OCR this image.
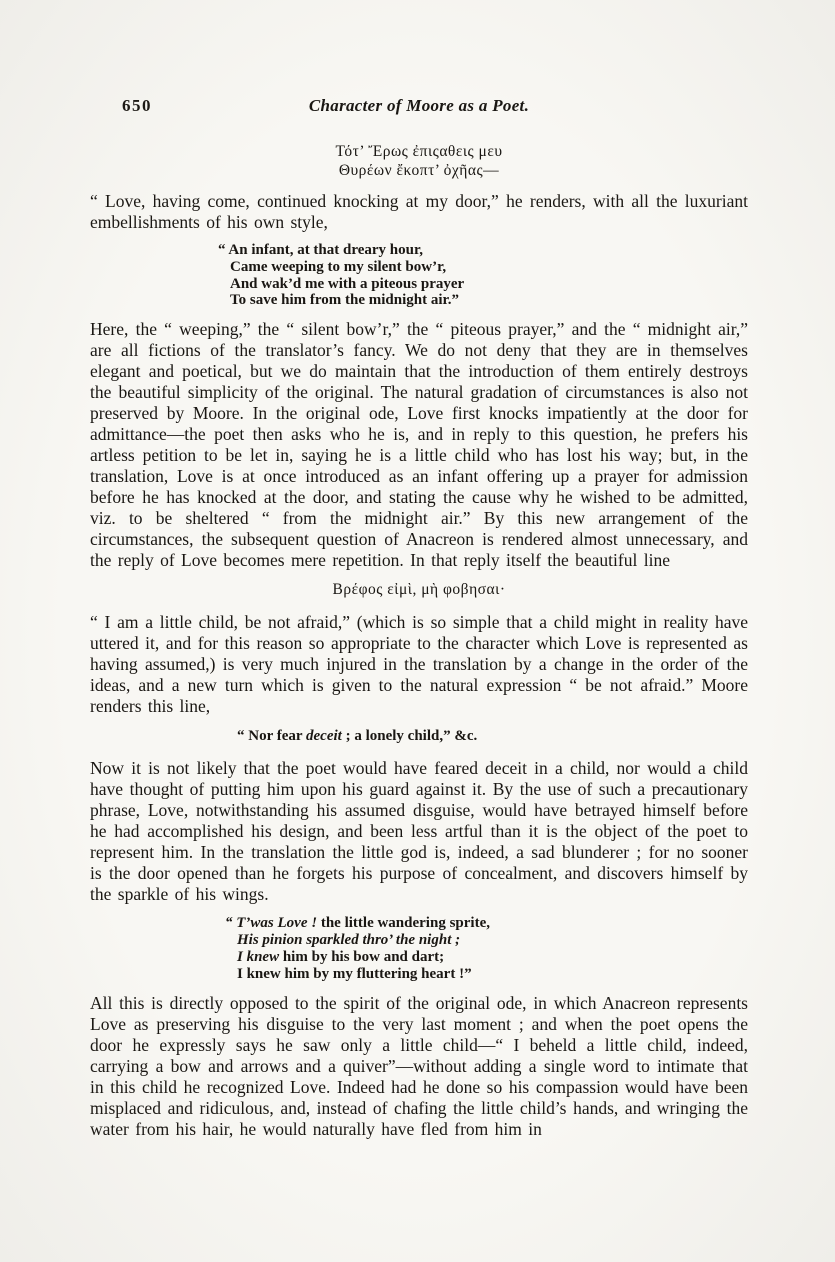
650	Character of Moore as a Poet.
Τότ’ Ἔρως ἐπιςαθεις μευ
Θυρέων ἔκοπτ’ ὀχῆας—

“ Love, having come, continued knocking at my door,” he renders, with all the luxuriant embellishments of his own style,

“ An infant, at that dreary hour,
Came weeping to my silent bow’r,
And wak’d me with a piteous prayer
To save him from the midnight air.”

Here, the “ weeping,” the “ silent bow’r,” the “ piteous prayer,” and the “ midnight air,” are all fictions of the translator’s fancy. We do not deny that they are in themselves elegant and poetical, but we do maintain that the introduction of them entirely destroys the beautiful simplicity of the original. The natural gradation of circumstances is also not preserved by Moore. In the original ode, Love first knocks impatiently at the door for admittance—the poet then asks who he is, and in reply to this question, he prefers his artless petition to be let in, saying he is a little child who has lost his way; but, in the translation, Love is at once introduced as an infant offering up a prayer for admission before he has knocked at the door, and stating the cause why he wished to be admitted, viz. to be sheltered “ from the midnight air.” By this new arrangement of the circumstances, the subsequent question of Anacreon is rendered almost unnecessary, and the reply of Love becomes mere repetition. In that reply itself the beautiful line

Βρέφος εἰμὶ, μὴ φοβησαι·

“ I am a little child, be not afraid,” (which is so simple that a child might in reality have uttered it, and for this reason so appropriate to the character which Love is represented as having assumed,) is very much injured in the translation by a change in the order of the ideas, and a new turn which is given to the natural expression “ be not afraid.” Moore renders this line,

“ Nor fear deceit ; a lonely child,” &c.

Now it is not likely that the poet would have feared deceit in a child, nor would a child have thought of putting him upon his guard against it. By the use of such a precautionary phrase, Love, notwithstanding his assumed disguise, would have betrayed himself before he had accomplished his design, and been less artful than it is the object of the poet to represent him. In the translation the little god is, indeed, a sad blunderer ; for no sooner is the door opened than he forgets his purpose of concealment, and discovers himself by the sparkle of his wings.

“ T’was Love ! the little wandering sprite,
His pinion sparkled thro’ the night ;
I knew him by his bow and dart;
I knew him by my fluttering heart !”

All this is directly opposed to the spirit of the original ode, in which Anacreon represents Love as preserving his disguise to the very last moment ; and when the poet opens the door he expressly says he saw only a little child—“ I beheld a little child, indeed, carrying a bow and arrows and a quiver”—without adding a single word to intimate that in this child he recognized Love. Indeed had he done so his compassion would have been misplaced and ridiculous, and, instead of chafing the little child’s hands, and wringing the water from his hair, he would naturally have fled from him in
